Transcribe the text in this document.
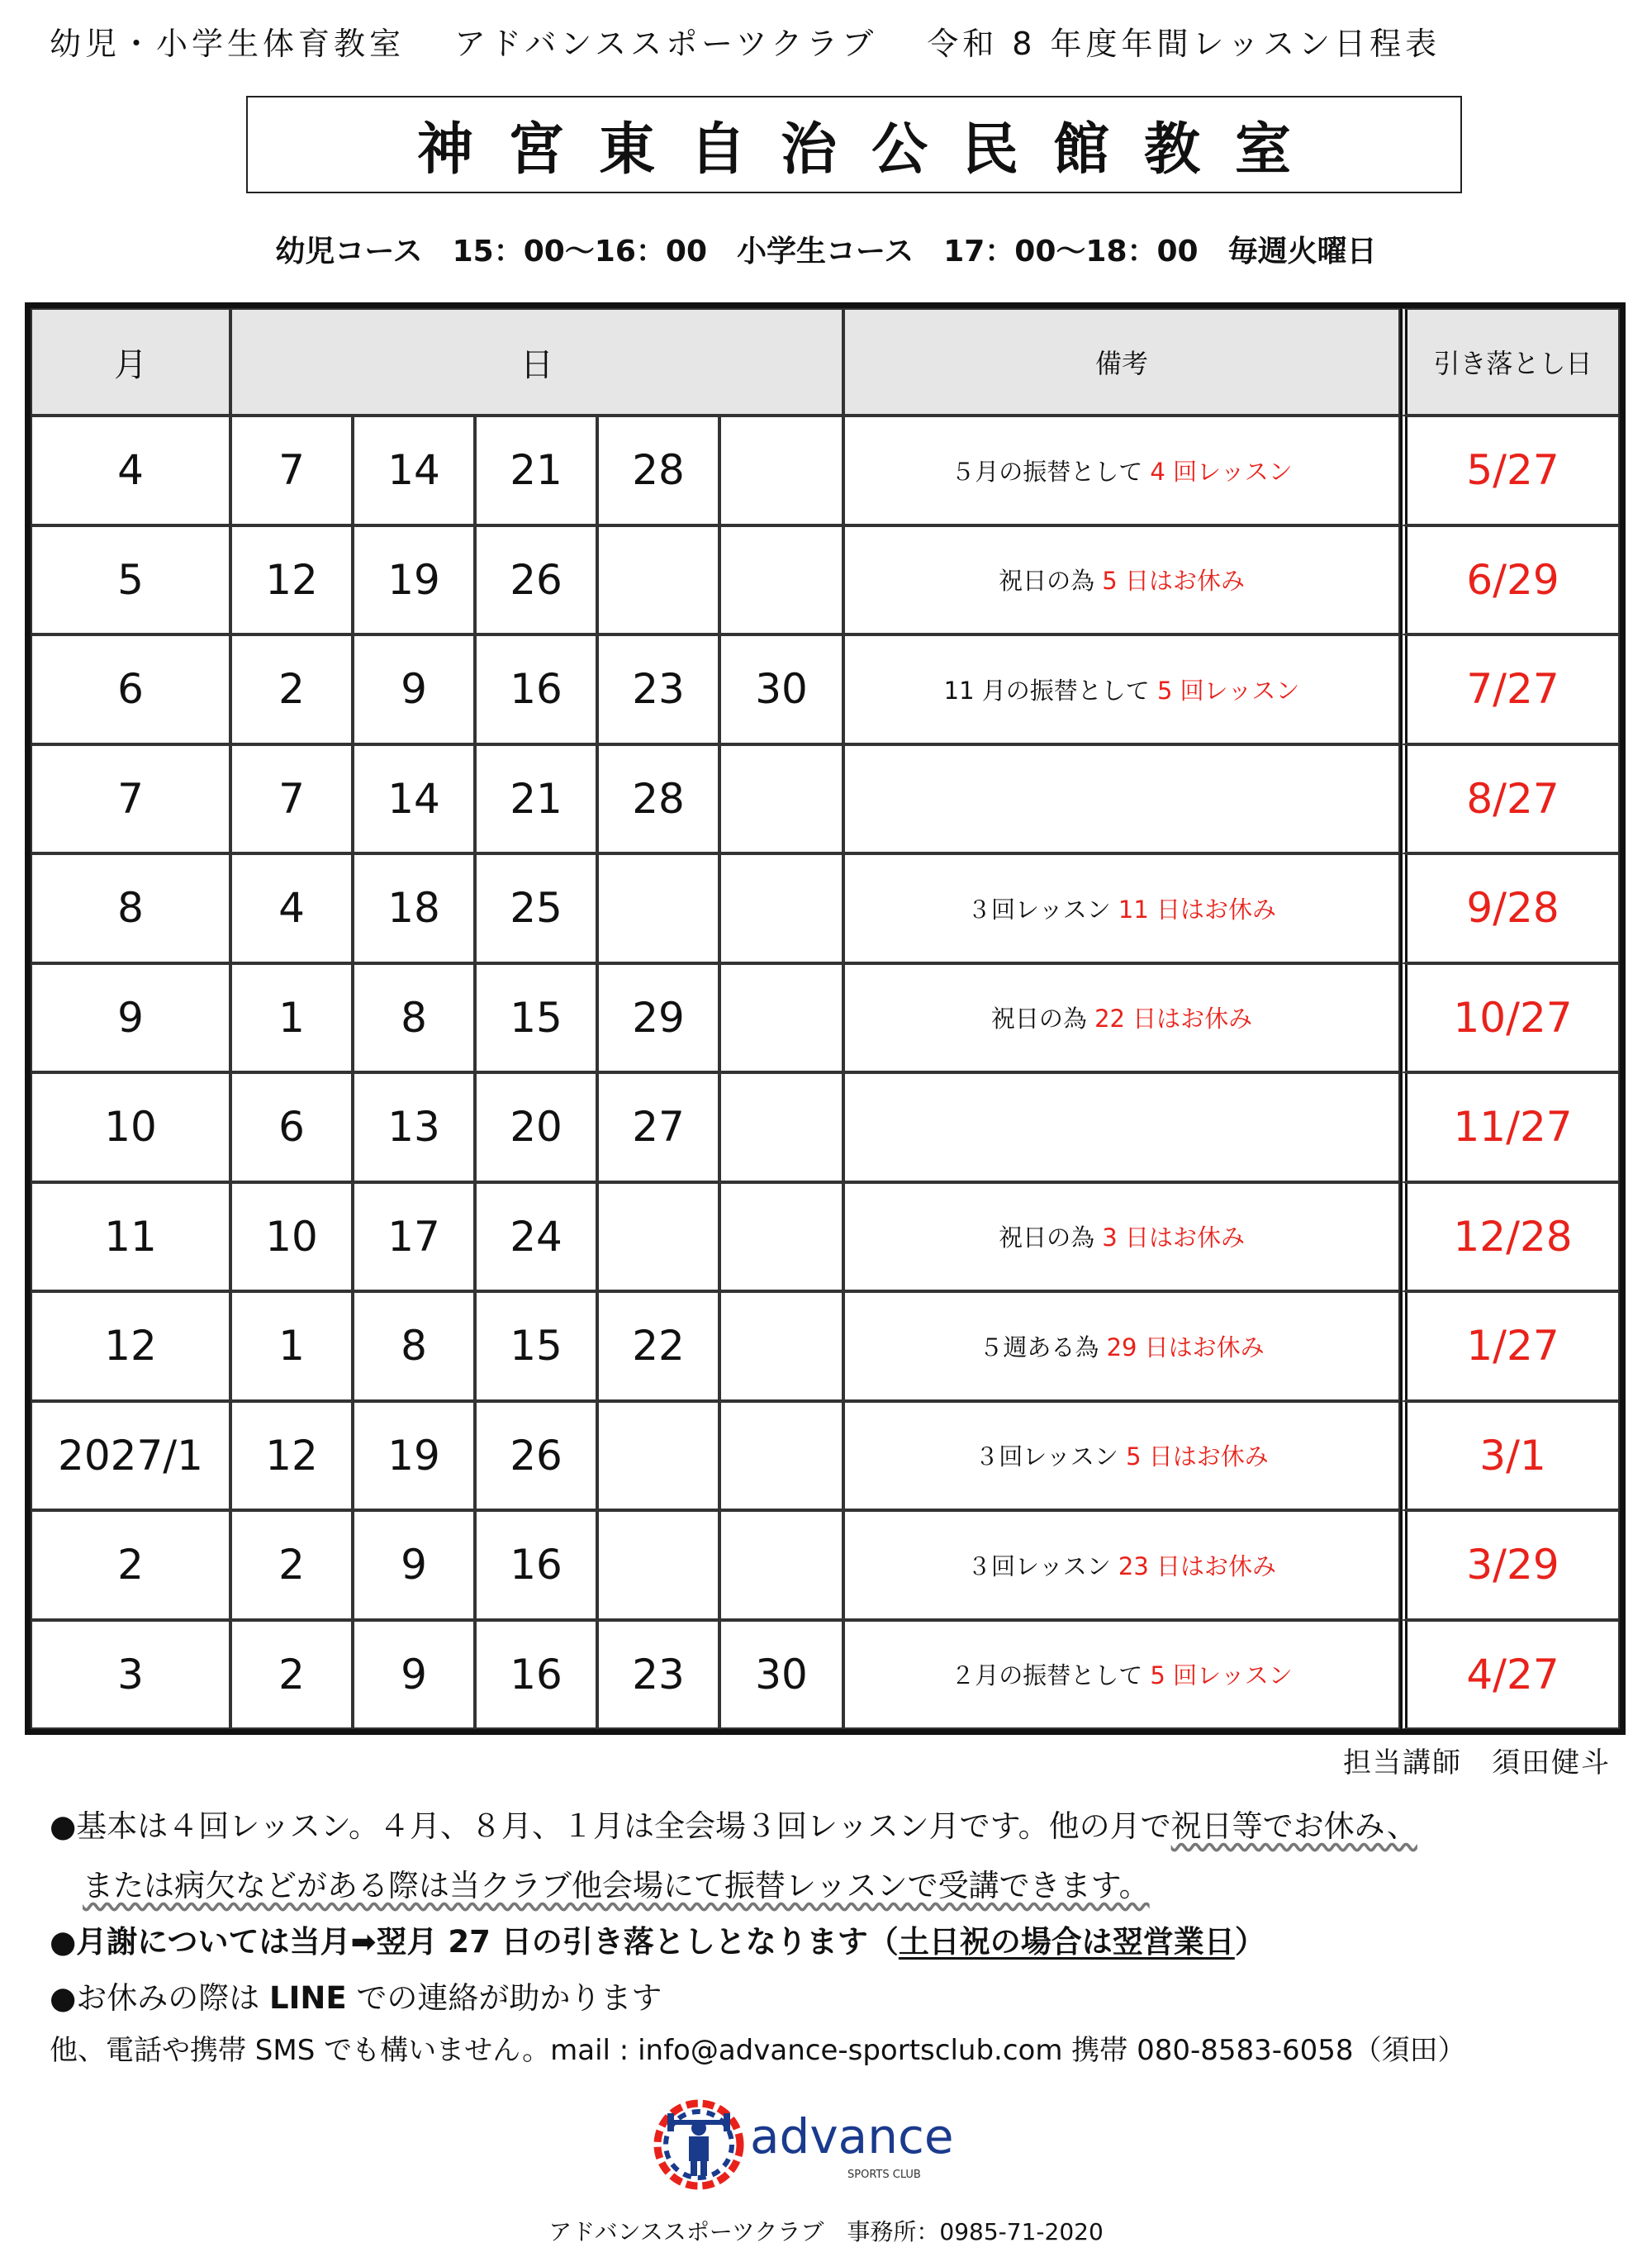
幼児・小学生体育教室 アドバンススポーツクラブ 令和 8 年度年間レッスン日程表
神宮東自治公民館教室
幼児コース　15：00～16：00　小学生コース　17：00～18：00　毎週火曜日
月	日					備考	引き落とし日
4	7	14	21	28		５月の振替として 4 回レッスン	5/27
5	12	19	26			祝日の為 5 日はお休み	6/29
6	2	9	16	23	30	11 月の振替として 5 回レッスン	7/27
7	7	14	21	28			8/27
8	4	18	25			３回レッスン 11 日はお休み	9/28
9	1	8	15	29		祝日の為 22 日はお休み	10/27
10	6	13	20	27			11/27
11	10	17	24			祝日の為 3 日はお休み	12/28
12	1	8	15	22		５週ある為 29 日はお休み	1/27
2027/1	12	19	26			３回レッスン 5 日はお休み	3/1
2	2	9	16			３回レッスン 23 日はお休み	3/29
3	2	9	16	23	30	２月の振替として 5 回レッスン	4/27
担当講師　須田健斗
●基本は４回レッスン。４月、８月、１月は全会場３回レッスン月です。他の月で祝日等でお休み、
または病欠などがある際は当クラブ他会場にて振替レッスンで受講できます。
●月謝については当月➡翌月 27 日の引き落としとなります（土日祝の場合は翌営業日）
●お休みの際は LINE での連絡が助かります
他、電話や携帯 SMS でも構いません。mail : info@advance-sportsclub.com 携帯 080-8583-6058（須田）
advance
SPORTS CLUB
アドバンススポーツクラブ　事務所：0985-71-2020
